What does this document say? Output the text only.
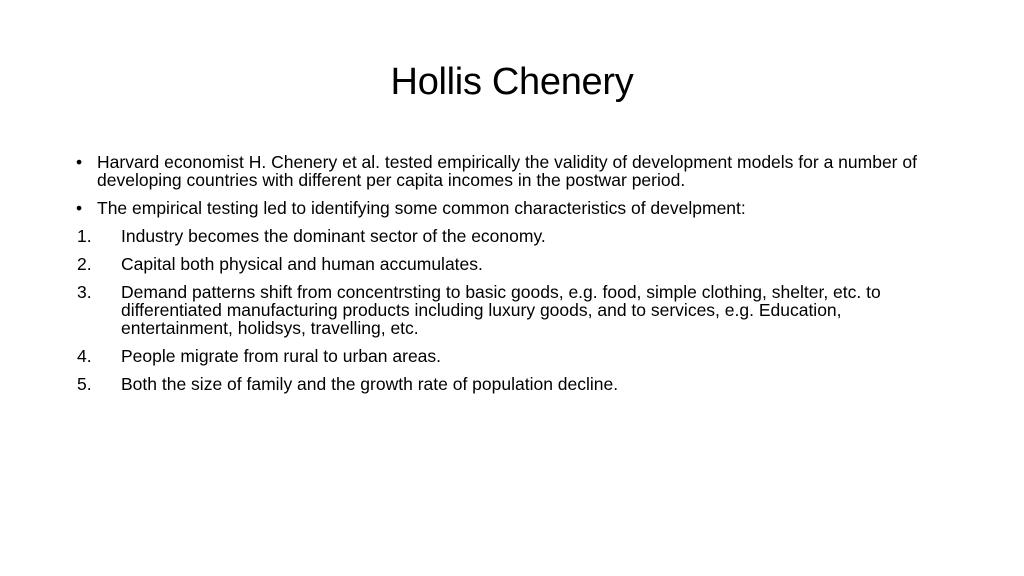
Hollis Chenery
• Harvard economist H. Chenery et al. tested empirically the validity of development models for a number of developing countries with different per capita incomes in the postwar period.
• The empirical testing led to identifying some common characteristics of develpment:
1. Industry becomes the dominant sector of the economy.
2. Capital both physical and human accumulates.
3. Demand patterns shift from concentrsting to basic goods, e.g. food, simple clothing, shelter, etc. to differentiated manufacturing products including luxury goods, and to services, e.g. Education, entertainment, holidsys, travelling, etc.
4. People migrate from rural to urban areas.
5. Both the size of family and the growth rate of population decline.
